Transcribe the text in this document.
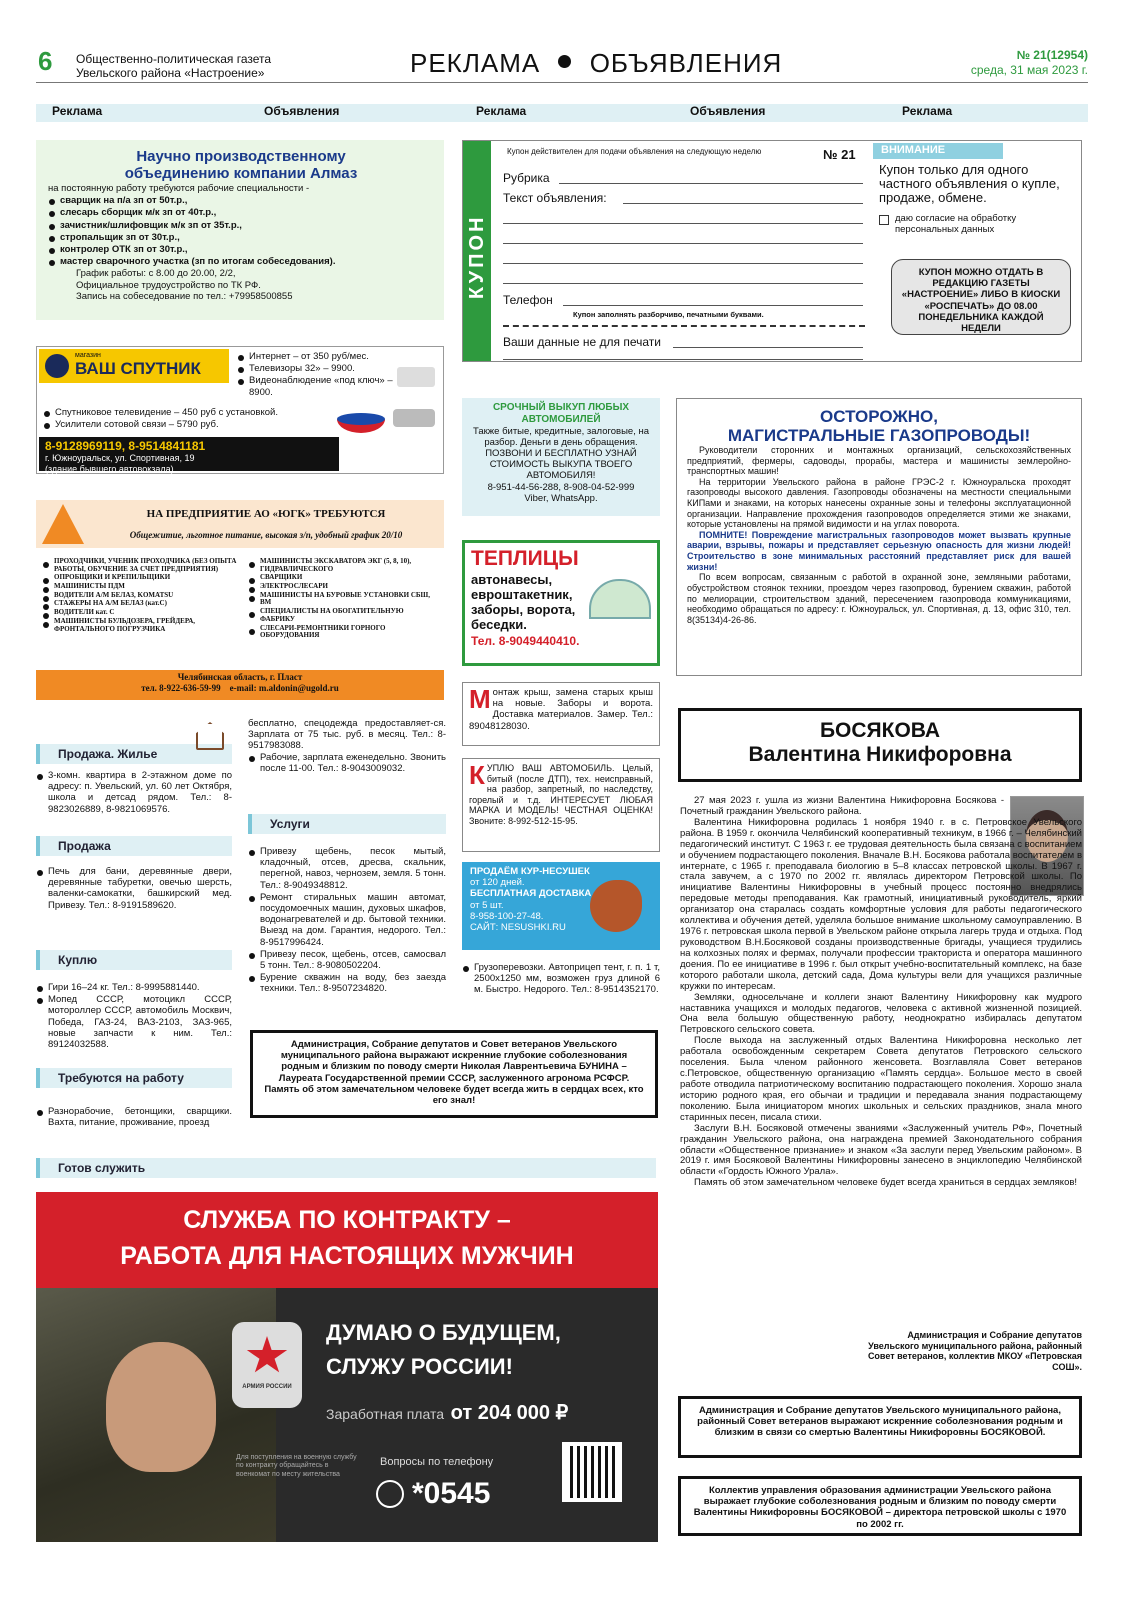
6 Общественно-политическая газета
Увельского района «Настроение»	РЕКЛАМА ОБЪЯВЛЕНИЯ	№ 21(12954)
среда, 31 мая 2023 г.
Реклама	Объявления	Реклама	Объявления	Реклама
Научно производственному
объединению компании Алмаз
на постоянную работу требуются рабочие специальности -
сварщик на п/а зп от 50т.р.,
слесарь сборщик м/к зп от 40т.р.,
зачистник/шлифовщик м/к зп от 35т.р.,
стропальщик зп от 30т.р.,
контролер ОТК зп от 30т.р.,
мастер сварочного участка (зп по итогам собеседования).
График работы: с 8.00 до 20.00, 2/2,
Официальное трудоустройство по ТК РФ.
Запись на собеседование по тел.: +79958500855
магазин
ВАШ СПУТНИК
Интернет – от 350 руб/мес.
Телевизоры 32» – 9900.
Видеонаблюдение «под ключ» – 8900.
Спутниковое телевидение – 450 руб с установкой.
Усилители сотовой связи – 5790 руб.
8-9128969119, 8-9514841181
г. Южноуральск, ул. Спортивная, 19
(здание бывшего автовокзала)
НА ПРЕДПРИЯТИЕ АО «ЮГК» ТРЕБУЮТСЯ
Общежитие, льготное питание, высокая з/п, удобный график 20/10
ПРОХОДЧИКИ, УЧЕНИК ПРОХОДЧИКА (БЕЗ ОПЫТА РАБОТЫ, ОБУЧЕНИЕ ЗА СЧЕТ ПРЕДПРИЯТИЯ)
ОПРОБЩИКИ И КРЕПИЛЬЩИКИ
МАШИНИСТЫ ПДМ
ВОДИТЕЛИ А/М БЕЛАЗ, KOMATSU
СТАЖЕРЫ НА А/М БЕЛАЗ (кат.С)
ВОДИТЕЛИ кат. С
МАШИНИСТЫ БУЛЬДОЗЕРА, ГРЕЙДЕРА, ФРОНТАЛЬНОГО ПОГРУЗЧИКА
МАШИНИСТЫ ЭКСКАВАТОРА ЭКГ (5, 8, 10), ГИДРАВЛИЧЕСКОГО
СВАРЩИКИ
ЭЛЕКТРОСЛЕСАРИ
МАШИНИСТЫ НА БУРОВЫЕ УСТАНОВКИ СБШ, ВМ
СПЕЦИАЛИСТЫ НА ОБОГАТИТЕЛЬНУЮ ФАБРИКУ
СЛЕСАРИ-РЕМОНТНИКИ ГОРНОГО ОБОРУДОВАНИЯ
Челябинская область, г. Пласт
тел. 8-922-636-59-99 e-mail: m.aldonin@ugold.ru
КУПОН
Купон действителен для подачи объявления на следующую неделю	№ 21
Рубрика
Текст объявления:
Телефон
Купон заполнять разборчиво, печатными буквами.
Ваши данные не для печати
ВНИМАНИЕ
Купон только для одного частного объявления о купле, продаже, обмене.
даю согласие на обработку персональных данных
КУПОН МОЖНО ОТДАТЬ В РЕДАКЦИЮ ГАЗЕТЫ «НАСТРОЕНИЕ» ЛИБО В КИОСКИ «РОСПЕЧАТЬ» ДО 08.00 ПОНЕДЕЛЬНИКА КАЖДОЙ НЕДЕЛИ
СРОЧНЫЙ ВЫКУП ЛЮБЫХ АВТОМОБИЛЕЙ
Также битые, кредитные, залоговые, на разбор. Деньги в день обращения. ПОЗВОНИ И БЕСПЛАТНО УЗНАЙ СТОИМОСТЬ ВЫКУПА ТВОЕГО АВТОМОБИЛЯ!
8-951-44-56-288, 8-908-04-52-999
Viber, WhatsApp.
ОСТОРОЖНО,
МАГИСТРАЛЬНЫЕ ГАЗОПРОВОДЫ!

Руководители сторонних и монтажных организаций, сельскохозяйственных предприятий, фермеры, садоводы, прорабы, мастера и машинисты землеройно-транспортных машин!

На территории Увельского района в районе ГРЭС-2 г. Южноуральска проходят газопроводы высокого давления. Газопроводы обозначены на местности специальными КИПами и знаками, на которых нанесены охранные зоны и телефоны эксплуатационной организации. Направление прохождения газопроводов определяется этими же знаками, которые установлены на прямой видимости и на углах поворота.

ПОМНИТЕ! Повреждение магистральных газопроводов может вызвать крупные аварии, взрывы, пожары и представляет серьезную опасность для жизни людей! Строительство в зоне минимальных расстояний представляет риск для вашей жизни!

По всем вопросам, связанным с работой в охранной зоне, земляными работами, обустройством стоянок техники, проездом через газопровод, бурением скважин, работой по мелиорации, строительством зданий, пересечением газопровода коммуникациями, необходимо обращаться по адресу: г. Южноуральск, ул. Спортивная, д. 13, офис 310, тел. 8(35134)4-26-86.

ТЕПЛИЦЫ
автонавесы, евроштакетник, заборы, ворота, беседки.
Тел. 8-9049440410.
Монтаж крыш, замена старых крыш на новые. Заборы и ворота. Доставка материалов. Замер. Тел.: 89048128030.
КУПЛЮ ВАШ АВТОМОБИЛЬ. Целый, битый (после ДТП), тех. неисправный, на разбор, запретный, по наследству, горелый и т.д. ИНТЕРЕСУЕТ ЛЮБАЯ МАРКА И МОДЕЛЬ! ЧЕСТНАЯ ОЦЕНКА! Звоните: 8-992-512-15-95.
ПРОДАЁМ КУР-НЕСУШЕК
от 120 дней.
БЕСПЛАТНАЯ ДОСТАВКА
от 5 шт.
8-958-100-27-48.
САЙТ: NESUSHKI.RU
Грузоперевозки. Автоприцеп тент, г. п. 1 т, 2500х1250 мм, возможен груз длиной 6 м. Быстро. Недорого. Тел.: 8-9514352170.
Продажа. Жилье
3-комн. квартира в 2-этажном доме по адресу: п. Увельский, ул. 60 лет Октября, школа и детсад рядом. Тел.: 8-9823026889, 8-9821069576.
Продажа
Печь для бани, деревянные двери, деревянные табуретки, овечью шерсть, валенки-самокатки, башкирский мед. Привезу. Тел.: 8-9191589620.
Куплю
Гири 16–24 кг. Тел.: 8-9995881440.
Мопед СССР, мотоцикл СССР, мотороллер СССР, автомобиль Москвич, Победа, ГАЗ-24, ВАЗ-2103, ЗАЗ-965, новые запчасти к ним. Тел.: 89124032588.
Требуются на работу
Разнорабочие, бетонщики, сварщики. Вахта, питание, проживание, проезд
бесплатно, спецодежда предоставляет-ся. Зарплата от 75 тыс. руб. в месяц. Тел.: 8-9517983088.
Рабочие, зарплата еженедельно. Звонить после 11-00. Тел.: 8-9043009032.
Услуги
Привезу щебень, песок мытый, кладочный, отсев, дресва, скальник, перегной, навоз, чернозем, земля. 5 тонн. Тел.: 8-9049348812.
Ремонт стиральных машин автомат, посудомоечных машин, духовых шкафов, водонагревателей и др. бытовой техники. Выезд на дом. Гарантия, недорого. Тел.: 8-9517996424.
Привезу песок, щебень, отсев, самосвал 5 тонн. Тел.: 8-9080502204.
Бурение скважин на воду, без заезда техники. Тел.: 8-9507234820.
Администрация, Собрание депутатов и Совет ветеранов Увельского муниципального района выражают искренние глубокие соболезнования родным и близким по поводу смерти Николая Лаврентьевича БУНИНА – Лауреата Государственной премии СССР, заслуженного агронома РСФСР. Память об этом замечательном человеке будет всегда жить в сердцах всех, кто его знал!
Готов служить
СЛУЖБА ПО КОНТРАКТУ –
РАБОТА ДЛЯ НАСТОЯЩИХ МУЖЧИН
АРМИЯ РОССИИ
ДУМАЮ О БУДУЩЕМ,
СЛУЖУ РОССИИ!
Заработная плата от 204 000 ₽
Вопросы по телефону
*0545
Для поступления на военную службу по контракту обращайтесь в военкомат по месту жительства
БОСЯКОВА
Валентина Никифоровна

27 мая 2023 г. ушла из жизни Валентина Никифоровна Босякова - Почетный гражданин Увельского района.

Валентина Никифоровна родилась 1 ноября 1940 г. в с. Петровское Увельского района. В 1959 г. окончила Челябинский кооперативный техникум, в 1966 г. – Челябинский педагогический институт. С 1963 г. ее трудовая деятельность была связана с воспитанием и обучением подрастающего поколения. Вначале В.Н. Босякова работала воспитателем в интернате, с 1965 г. преподавала биологию в 5–8 классах петровской школы. В 1967 г. стала завучем, а с 1970 по 2002 гг. являлась директором Петровской школы. По инициативе Валентины Никифоровны в учебный процесс постоянно внедрялись передовые методы преподавания. Как грамотный, инициативный руководитель, яркий организатор она старалась создать комфортные условия для работы педагогического коллектива и обучения детей, уделяла большое внимание школьному самоуправлению. В 1976 г. петровская школа первой в Увельском районе открыла лагерь труда и отдыха. Под руководством В.Н.Босяковой созданы производственные бригады, учащиеся трудились на колхозных полях и фермах, получали профессии тракториста и оператора машинного доения. По ее инициативе в 1996 г. был открыт учебно-воспитательный комплекс, на базе которого работали школа, детский сада, Дома культуры вели для учащихся различные кружки по интересам.

Земляки, односельчане и коллеги знают Валентину Никифоровну как мудрого наставника учащихся и молодых педагогов, человека с активной жизненной позицией. Она вела большую общественную работу, неоднократно избиралась депутатом Петровского сельского совета.

После выхода на заслуженный отдых Валентина Никифоровна несколько лет работала освобожденным секретарем Совета депутатов Петровского сельского поселения. Была членом районного женсовета. Возглавляла Совет ветеранов с.Петровское, общественную организацию «Память сердца». Большое место в своей работе отводила патриотическому воспитанию подрастающего поколения. Хорошо знала историю родного края, его обычаи и традиции и передавала знания подрастающему поколению. Была инициатором многих школьных и сельских праздников, знала много старинных песен, писала стихи.

Заслуги В.Н. Босяковой отмечены званиями «Заслуженный учитель РФ», Почетный гражданин Увельского района, она награждена премией Законодательного собрания области «Общественное признание» и знаком «За заслуги перед Увельским районом». В 2019 г. имя Босяковой Валентины Никифоровны занесено в энциклопедию Челябинской области «Гордость Южного Урала».

Память об этом замечательном человеке будет всегда храниться в сердцах земляков!

Администрация и Собрание депутатов Увельского муниципального района, районный Совет ветеранов, коллектив МКОУ «Петровская СОШ».
Администрация и Собрание депутатов Увельского муниципального района, районный Совет ветеранов выражают искренние соболезнования родным и близким в связи со смертью Валентины Никифоровны БОСЯКОВОЙ.
Коллектив управления образования администрации Увельского района выражает глубокие соболезнования родным и близким по поводу смерти Валентины Никифоровны БОСЯКОВОЙ – директора петровской школы с 1970 по 2002 гг.
